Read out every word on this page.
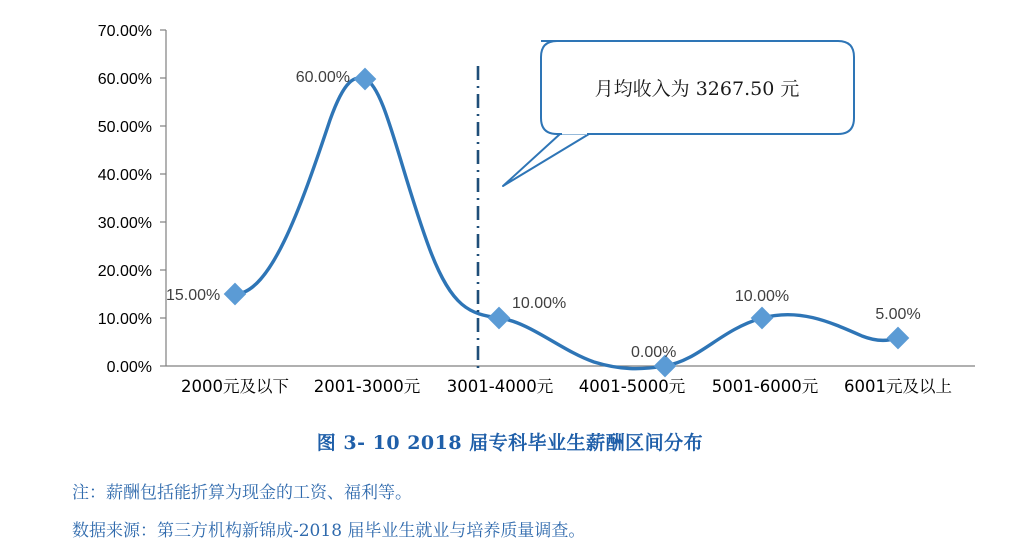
0.00%
10.00%
20.00%
30.00%
40.00%
50.00%
60.00%
70.00%
15.00%
60.00%
10.00%
0.00%
10.00%
5.00%
2000元及以下 2001-3000元 3001-4000元 4001-5000元 5001-6000元 6001元及以上
月均收入为 3267.50 元
图 3- 10 2018 届专科毕业生薪酬区间分布
注：薪酬包括能折算为现金的工资、福利等。
数据来源：第三方机构新锦成-2018 届毕业生就业与培养质量调查。
